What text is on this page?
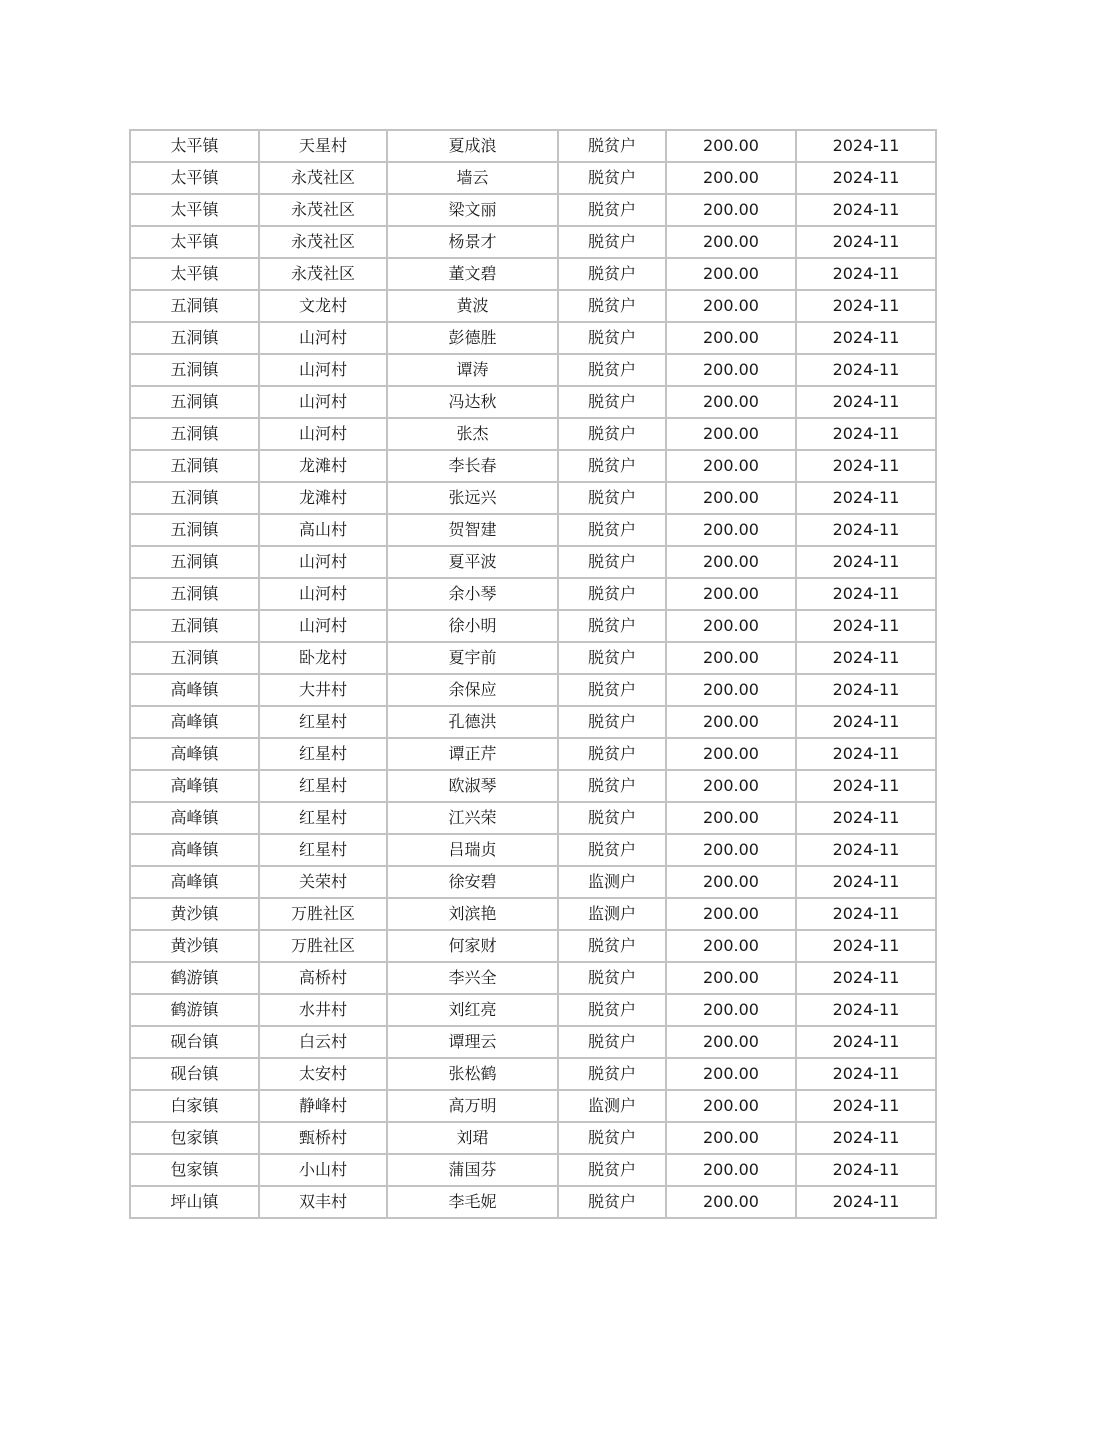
太平镇	天星村	夏成浪	脱贫户	200.00	2024-11
太平镇	永茂社区	墙云	脱贫户	200.00	2024-11
太平镇	永茂社区	梁文丽	脱贫户	200.00	2024-11
太平镇	永茂社区	杨景才	脱贫户	200.00	2024-11
太平镇	永茂社区	董文碧	脱贫户	200.00	2024-11
五洞镇	文龙村	黄波	脱贫户	200.00	2024-11
五洞镇	山河村	彭德胜	脱贫户	200.00	2024-11
五洞镇	山河村	谭涛	脱贫户	200.00	2024-11
五洞镇	山河村	冯达秋	脱贫户	200.00	2024-11
五洞镇	山河村	张杰	脱贫户	200.00	2024-11
五洞镇	龙滩村	李长春	脱贫户	200.00	2024-11
五洞镇	龙滩村	张远兴	脱贫户	200.00	2024-11
五洞镇	高山村	贺智建	脱贫户	200.00	2024-11
五洞镇	山河村	夏平波	脱贫户	200.00	2024-11
五洞镇	山河村	余小琴	脱贫户	200.00	2024-11
五洞镇	山河村	徐小明	脱贫户	200.00	2024-11
五洞镇	卧龙村	夏宇前	脱贫户	200.00	2024-11
高峰镇	大井村	余保应	脱贫户	200.00	2024-11
高峰镇	红星村	孔德洪	脱贫户	200.00	2024-11
高峰镇	红星村	谭正芹	脱贫户	200.00	2024-11
高峰镇	红星村	欧淑琴	脱贫户	200.00	2024-11
高峰镇	红星村	江兴荣	脱贫户	200.00	2024-11
高峰镇	红星村	吕瑞贞	脱贫户	200.00	2024-11
高峰镇	关荣村	徐安碧	监测户	200.00	2024-11
黄沙镇	万胜社区	刘滨艳	监测户	200.00	2024-11
黄沙镇	万胜社区	何家财	脱贫户	200.00	2024-11
鹤游镇	高桥村	李兴全	脱贫户	200.00	2024-11
鹤游镇	水井村	刘红亮	脱贫户	200.00	2024-11
砚台镇	白云村	谭理云	脱贫户	200.00	2024-11
砚台镇	太安村	张松鹤	脱贫户	200.00	2024-11
白家镇	静峰村	高万明	监测户	200.00	2024-11
包家镇	甄桥村	刘珺	脱贫户	200.00	2024-11
包家镇	小山村	蒲国芬	脱贫户	200.00	2024-11
坪山镇	双丰村	李毛妮	脱贫户	200.00	2024-11
